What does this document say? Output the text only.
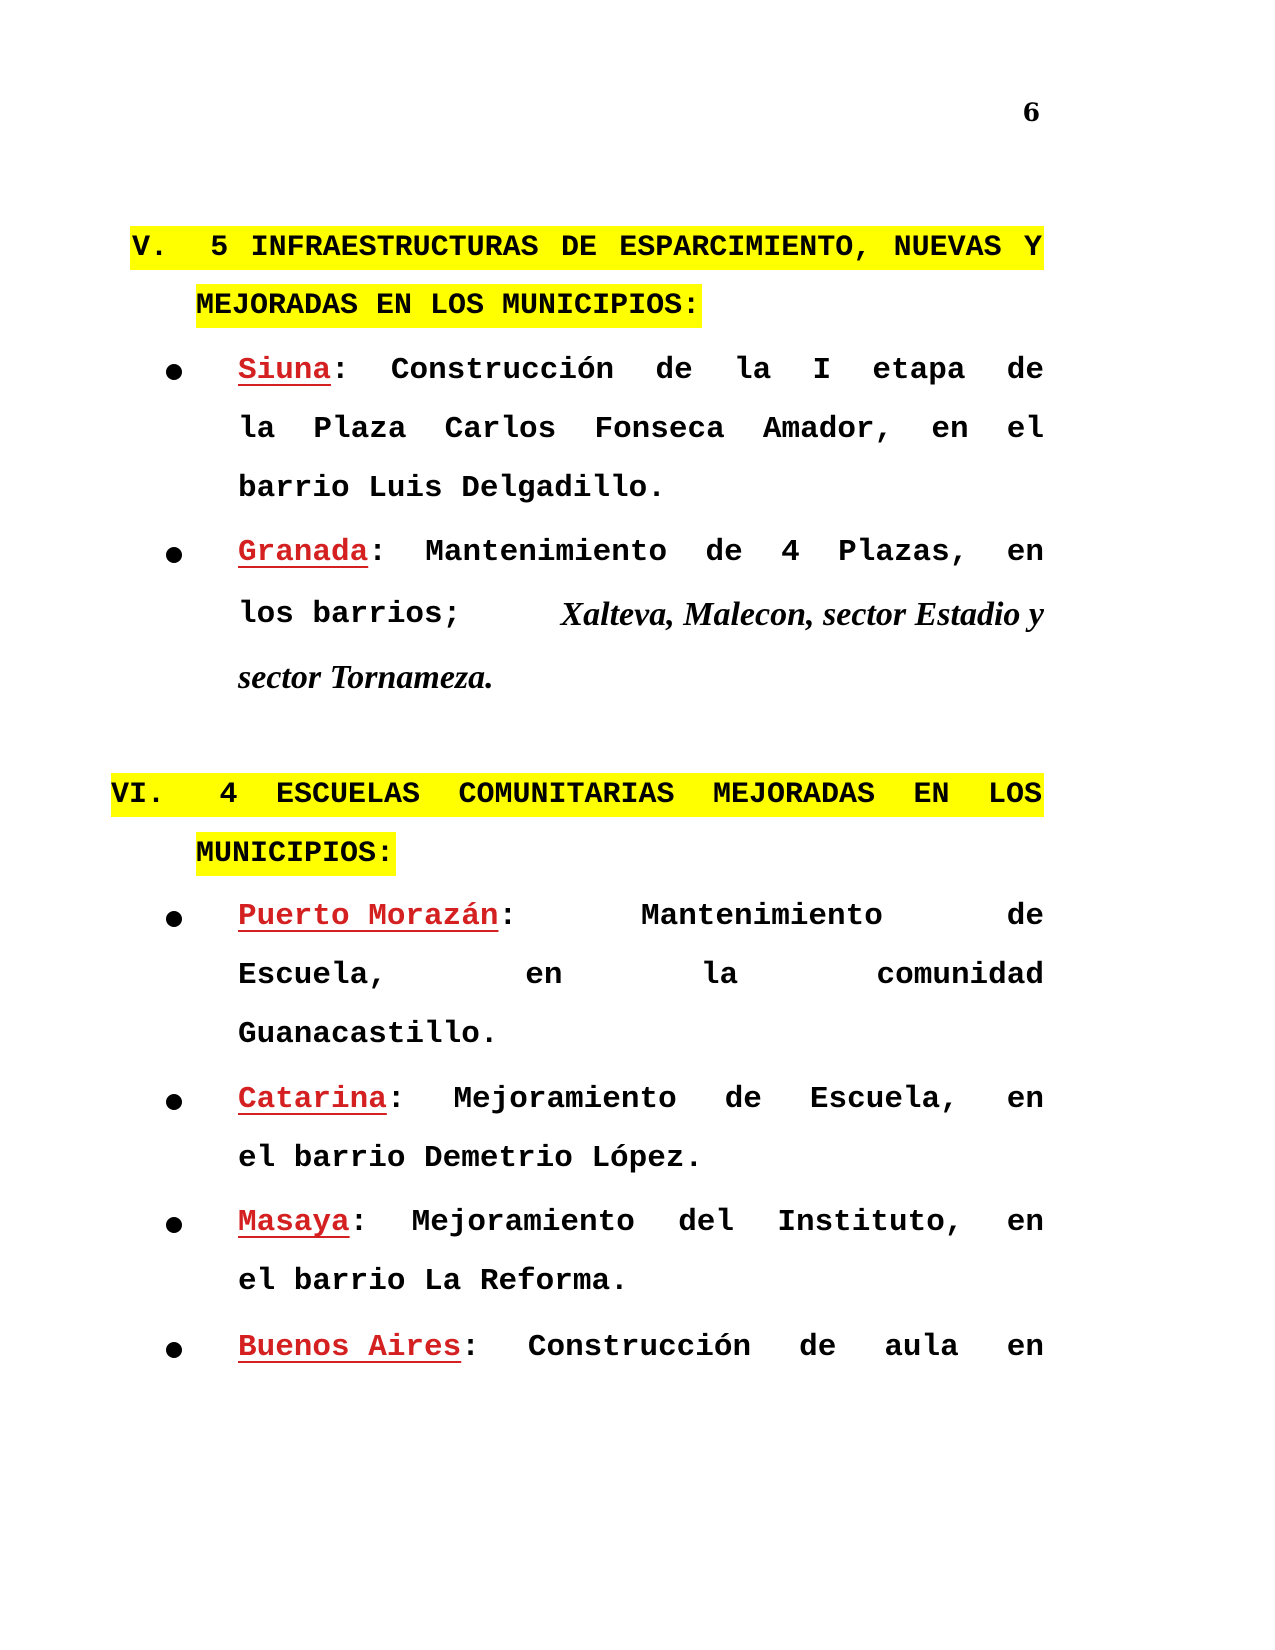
6
V.	5 INFRAESTRUCTURAS DE ESPARCIMIENTO, NUEVAS Y
MEJORADAS EN LOS MUNICIPIOS:
Siuna: Construcción de la I etapa de
la Plaza Carlos Fonseca Amador, en el
barrio Luis Delgadillo.
Granada: Mantenimiento de 4 Plazas, en
los barrios;	Xalteva, Malecon, sector Estadio y
sector Tornameza.
VI.	4 ESCUELAS COMUNITARIAS MEJORADAS EN LOS
MUNICIPIOS:
Puerto Morazán:	Mantenimiento	de
Escuela,	en	la	comunidad
Guanacastillo.
Catarina: Mejoramiento de Escuela, en
el barrio Demetrio López.
Masaya: Mejoramiento del Instituto, en
el barrio La Reforma.
Buenos Aires: Construcción de aula en
